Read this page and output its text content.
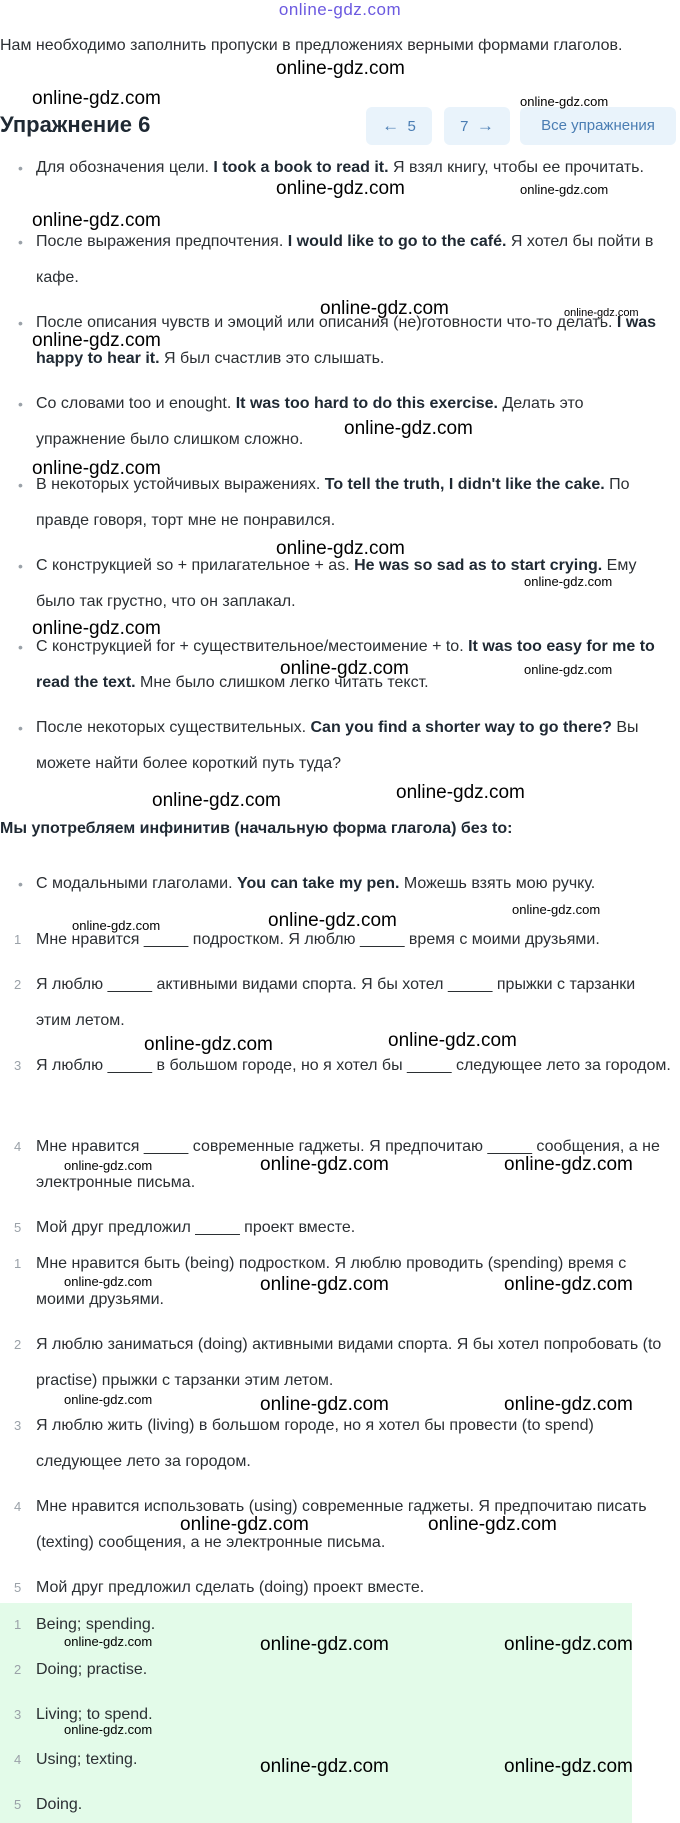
online-gdz.com
Нам необходимо заполнить пропуски в предложениях верными формами глаголов.
Упражнение 6	← 5	7 →	Все упражнения
• Для обозначения цели. I took a book to read it. Я взял книгу, чтобы ее прочитать.
• После выражения предпочтения. I would like to go to the café. Я хотел бы пойти в кафе.
• После описания чувств и эмоций или описания (не)готовности что-то делать. I was happy to hear it. Я был счастлив это слышать.
• Со словами too и enought. It was too hard to do this exercise. Делать это упражнение было слишком сложно.
• В некоторых устойчивых выражениях. To tell the truth, I didn't like the cake. По правде говоря, торт мне не понравился.
• С конструкцией so + прилагательное + as. He was so sad as to start crying. Ему было так грустно, что он заплакал.
• С конструкцией for + существительное/местоимение + to. It was too easy for me to read the text. Мне было слишком легко читать текст.
• После некоторых существительных. Can you find a shorter way to go there? Вы можете найти более короткий путь туда?
Мы употребляем инфинитив (начальную форма глагола) без to:
• С модальными глаголами. You can take my pen. Можешь взять мою ручку.
1 Мне нравится _____ подростком. Я люблю _____ время с моими друзьями.
2 Я люблю _____ активными видами спорта. Я бы хотел _____ прыжки с тарзанки этим летом.
3 Я люблю _____ в большом городе, но я хотел бы _____ следующее лето за городом.
4 Мне нравится _____ современные гаджеты. Я предпочитаю _____ сообщения, а не электронные письма.
5 Мой друг предложил _____ проект вместе.
1 Мне нравится быть (being) подростком. Я люблю проводить (spending) время с моими друзьями.
2 Я люблю заниматься (doing) активными видами спорта. Я бы хотел попробовать (to practise) прыжки с тарзанки этим летом.
3 Я люблю жить (living) в большом городе, но я хотел бы провести (to spend) следующее лето за городом.
4 Мне нравится использовать (using) современные гаджеты. Я предпочитаю писать (texting) сообщения, а не электронные письма.
5 Мой друг предложил сделать (doing) проект вместе.
1 Being; spending.
2 Doing; practise.
3 Living; to spend.
4 Using; texting.
5 Doing.
online-gdz.com
online-gdz.com	online-gdz.com
online-gdz.com	online-gdz.com
online-gdz.com
online-gdz.com	online-gdz.com
online-gdz.com
online-gdz.com
online-gdz.com
online-gdz.com
online-gdz.com
online-gdz.com
online-gdz.com	online-gdz.com
online-gdz.com
online-gdz.com
online-gdz.com
online-gdz.com	online-gdz.com
online-gdz.com
online-gdz.com
online-gdz.com	online-gdz.com	online-gdz.com
online-gdz.com	online-gdz.com	online-gdz.com
online-gdz.com	online-gdz.com	online-gdz.com
online-gdz.com	online-gdz.com
online-gdz.com	online-gdz.com	online-gdz.com
online-gdz.com
online-gdz.com	online-gdz.com
